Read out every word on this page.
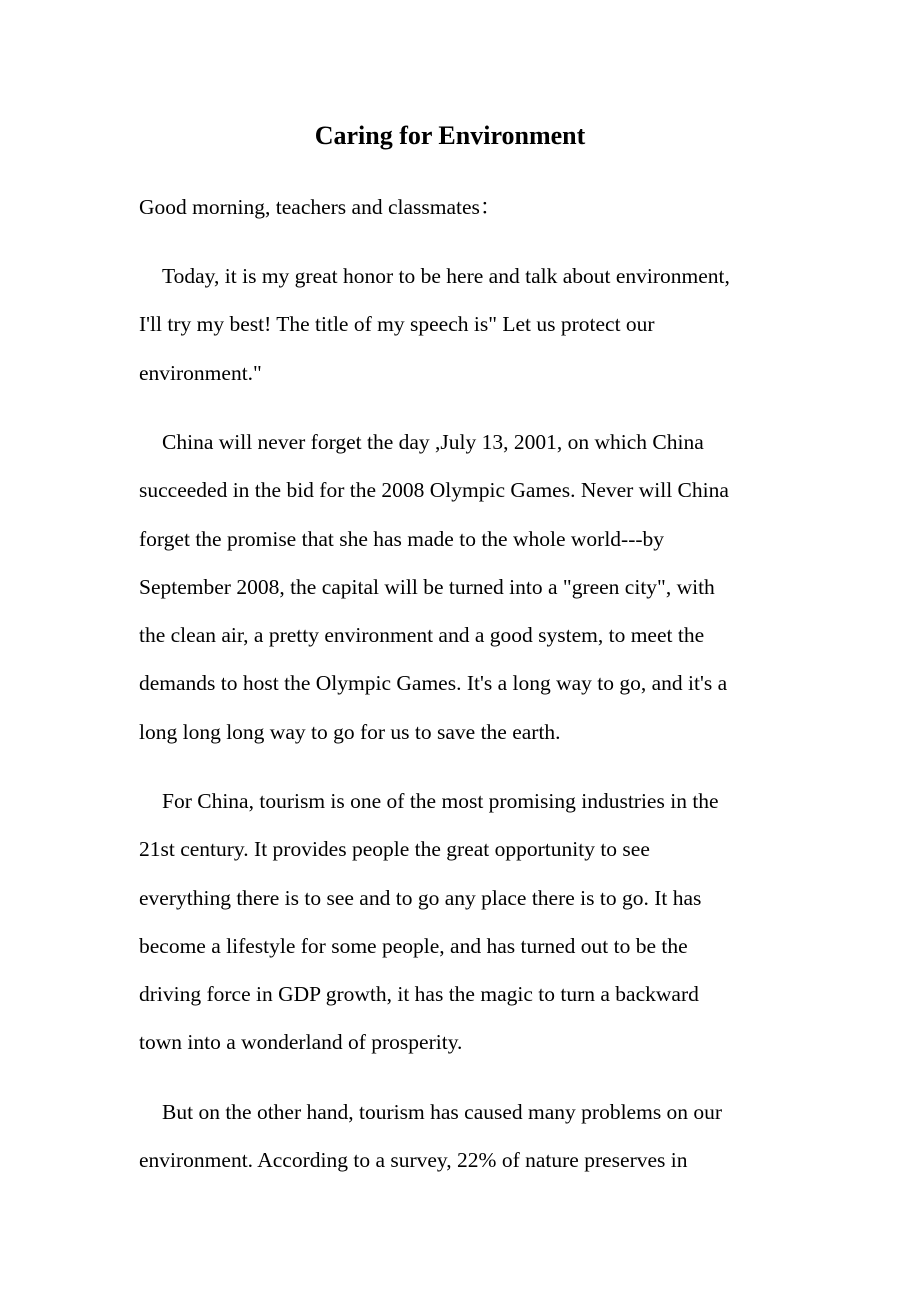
Caring for Environment

Good morning, teachers and classmates：

Today, it is my great honor to be here and talk about environment,
I'll try my best! The title of my speech is" Let us protect our
environment."

China will never forget the day ,July 13, 2001, on which China
succeeded in the bid for the 2008 Olympic Games. Never will China
forget the promise that she has made to the whole world---by
September 2008, the capital will be turned into a "green city", with
the clean air, a pretty environment and a good system, to meet the
demands to host the Olympic Games. It's a long way to go, and it's a
long long long way to go for us to save the earth.

For China, tourism is one of the most promising industries in the
21st century. It provides people the great opportunity to see
everything there is to see and to go any place there is to go. It has
become a lifestyle for some people, and has turned out to be the
driving force in GDP growth, it has the magic to turn a backward
town into a wonderland of prosperity.

But on the other hand, tourism has caused many problems on our
environment. According to a survey, 22% of nature preserves in
